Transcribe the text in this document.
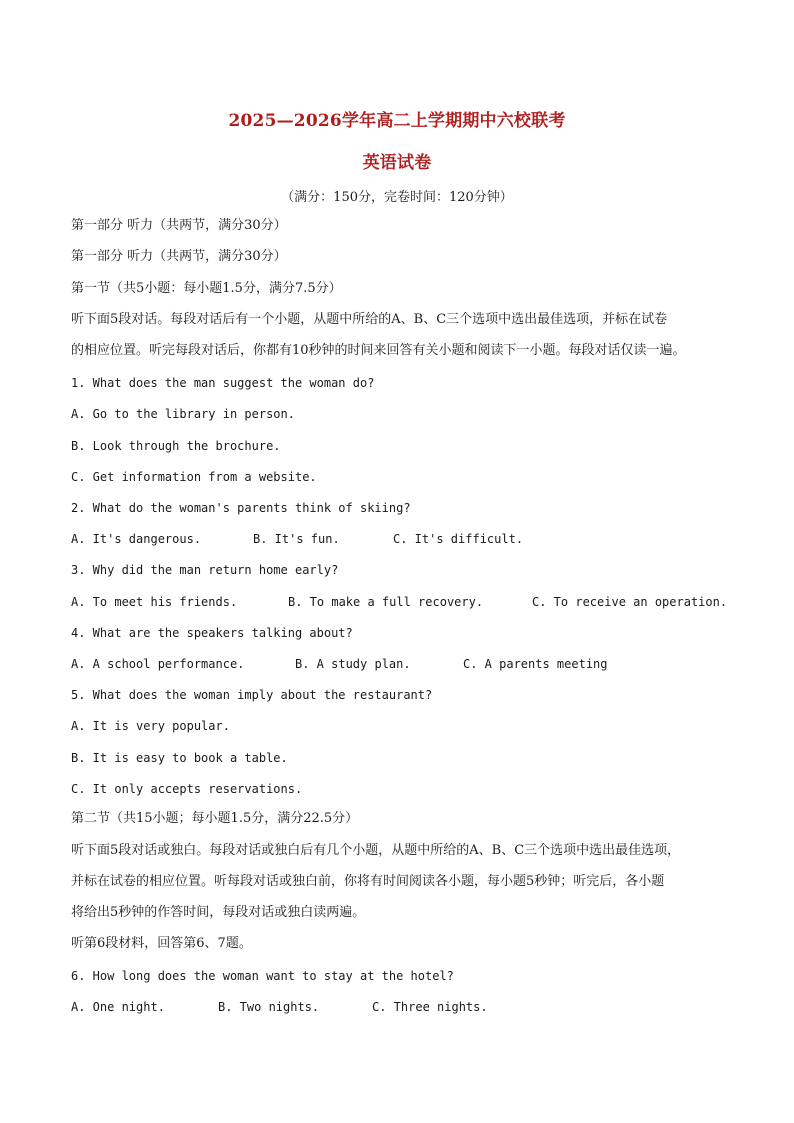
2025—2026学年高二上学期期中六校联考
英语试卷
（满分：150分，完卷时间：120分钟）
第一部分 听力（共两节，满分30分）
第一部分 听力（共两节，满分30分）
第一节（共5小题：每小题1.5分，满分7.5分）
听下面5段对话。每段对话后有一个小题，从题中所给的A、B、C三个选项中选出最佳选项，并标在试卷
的相应位置。听完每段对话后，你都有10秒钟的时间来回答有关小题和阅读下一小题。每段对话仅读一遍。
1. What does the man suggest the woman do?
A. Go to the library in person.
B. Look through the brochure.
C. Get information from a website.
2. What do the woman's parents think of skiing?
A. It's dangerous.	B. It's fun.	C. It's difficult.
3. Why did the man return home early?
A. To meet his friends.	B. To make a full recovery.	C. To receive an operation.
4. What are the speakers talking about?
A. A school performance.	B. A study plan.	C. A parents meeting
5. What does the woman imply about the restaurant?
A. It is very popular.
B. It is easy to book a table.
C. It only accepts reservations.
第二节（共15小题；每小题1.5分，满分22.5分）
听下面5段对话或独白。每段对话或独白后有几个小题，从题中所给的A、B、C三个选项中选出最佳选项，
并标在试卷的相应位置。听每段对话或独白前，你将有时间阅读各小题，每小题5秒钟；听完后，各小题
将给出5秒钟的作答时间，每段对话或独白读两遍。
听第6段材料，回答第6、7题。
6. How long does the woman want to stay at the hotel?
A. One night.	B. Two nights.	C. Three nights.
